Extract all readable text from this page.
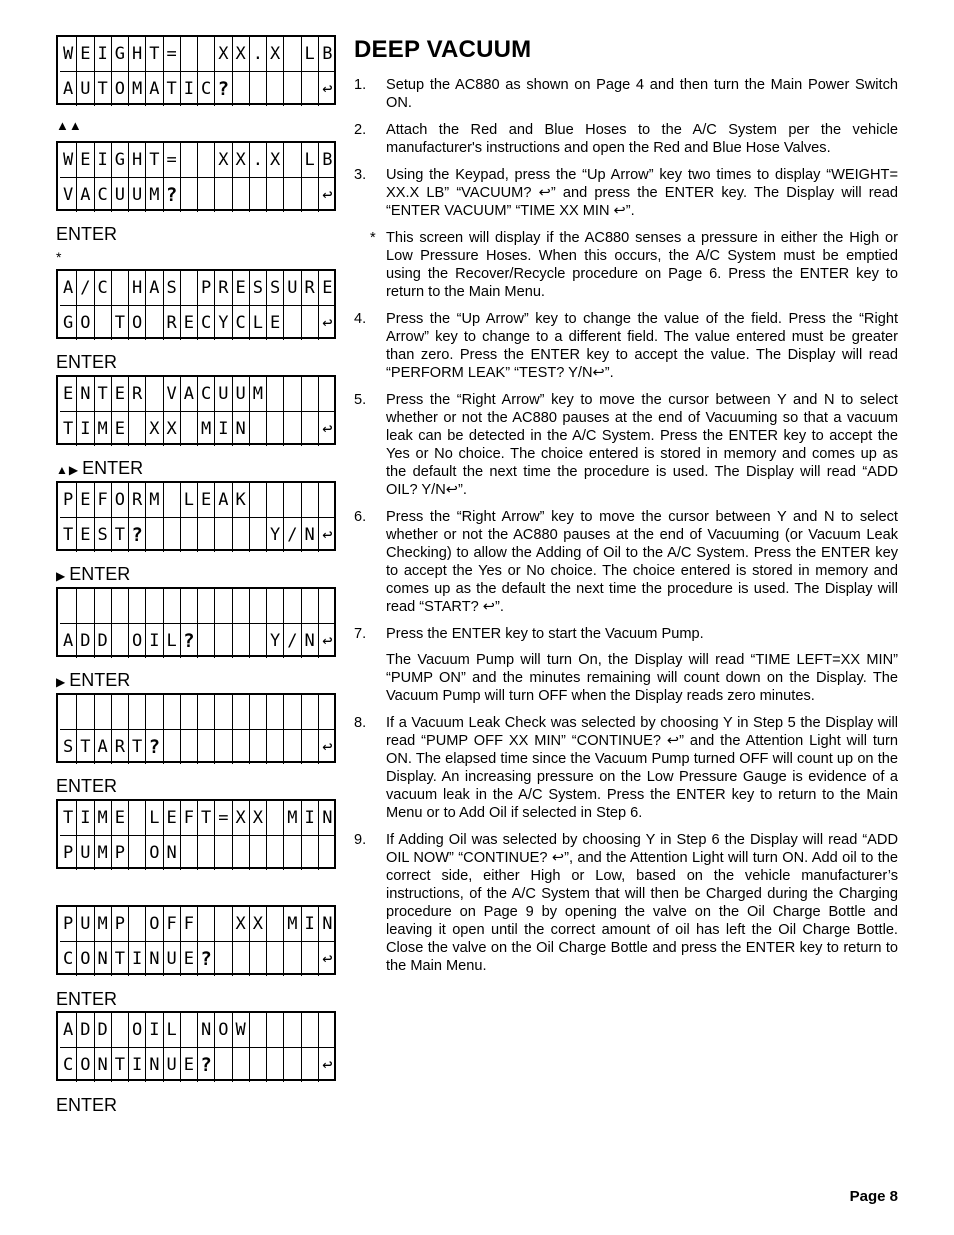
W E I G H T =

X X . X
L B
A U T O M A T I C ?

	↩
▲▲
W E I G H T =

X X . X
L B
V A C U U M ?

	↩
ENTER
*
A / C
H A S
P R E S S U R E
G O
T O
R E C Y C L E

↩
ENTER
E N T E R
V A C U U M

T I M E
X X
M I N

	↩
▲▶ ENTER
P E F O R M
L E A K

T E S T ?

	Y / N ↩
▶ ENTER

A D D
O I L ?

	Y / N ↩
▶ ENTER

S T A R T ?

	↩
ENTER
T I M E
L E F T = X X
M I N
P U M P
O N

P U M P
O F F

X X
M I N
C O N T I N U E ?

	↩
ENTER
A D D
O I L
N O W

C O N T I N U E ?

	↩
ENTER
DEEP VACUUM
1. Setup the AC880 as shown on Page 4 and then turn the Main Power Switch ON.
2. Attach the Red and Blue Hoses to the A/C System per the vehicle manufacturer's instructions and open the Red and Blue Hose Valves.
3. Using the Keypad, press the “Up Arrow” key two times to display “WEIGHT= XX.X LB” “VACUUM? ↩” and press the ENTER key. The Display will read “ENTER VACUUM” “TIME XX MIN ↩”.
* This screen will display if the AC880 senses a pressure in either the High or Low Pressure Hoses. When this occurs, the A/C System must be emptied using the Recover/Recycle procedure on Page 6. Press the ENTER key to return to the Main Menu.
4. Press the “Up Arrow” key to change the value of the field. Press the “Right Arrow” key to change to a different field. The value entered must be greater than zero. Press the ENTER key to accept the value. The Display will read “PERFORM LEAK” “TEST? Y/N↩”.
5. Press the “Right Arrow” key to move the cursor between Y and N to select whether or not the AC880 pauses at the end of Vacuuming so that a vacuum leak can be detected in the A/C System. Press the ENTER key to accept the Yes or No choice. The choice entered is stored in memory and comes up as the default the next time the procedure is used. The Display will read “ADD OIL? Y/N↩”.
6. Press the “Right Arrow” key to move the cursor between Y and N to select whether or not the AC880 pauses at the end of Vacuuming (or Vacuum Leak Checking) to allow the Adding of Oil to the A/C System. Press the ENTER key to accept the Yes or No choice. The choice entered is stored in memory and comes up as the default the next time the procedure is used. The Display will read “START? ↩”.
7. Press the ENTER key to start the Vacuum Pump.
The Vacuum Pump will turn On, the Display will read “TIME LEFT=XX MIN” “PUMP ON” and the minutes remaining will count down on the Display. The Vacuum Pump will turn OFF when the Display reads zero minutes.
8. If a Vacuum Leak Check was selected by choosing Y in Step 5 the Display will read “PUMP OFF XX MIN” “CONTINUE? ↩” and the Attention Light will turn ON. The elapsed time since the Vacuum Pump turned OFF will count up on the Display. An increasing pressure on the Low Pressure Gauge is evidence of a vacuum leak in the A/C System. Press the ENTER key to return to the Main Menu or to Add Oil if selected in Step 6.
9. If Adding Oil was selected by choosing Y in Step 6 the Display will read “ADD OIL NOW” “CONTINUE? ↩”, and the Attention Light will turn ON. Add oil to the correct side, either High or Low, based on the vehicle manufacturer’s instructions, of the A/C System that will then be Charged during the Charging procedure on Page 9 by opening the valve on the Oil Charge Bottle and leaving it open until the correct amount of oil has left the Oil Charge Bottle. Close the valve on the Oil Charge Bottle and press the ENTER key to return to the Main Menu.
Page 8
